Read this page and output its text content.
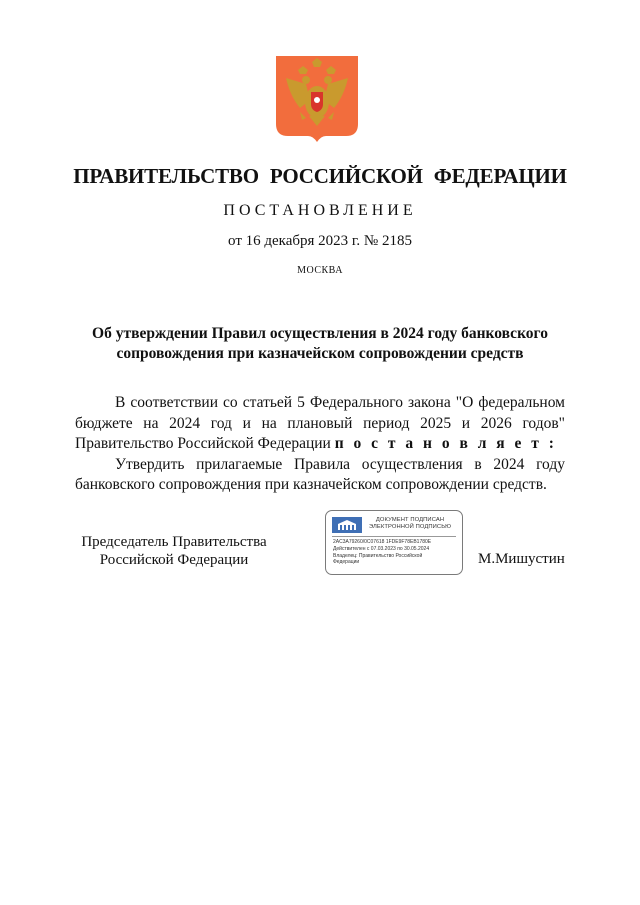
ПРАВИТЕЛЬСТВО РОССИЙСКОЙ ФЕДЕРАЦИИ
ПОСТАНОВЛЕНИЕ
от 16 декабря 2023 г. № 2185
МОСКВА
Об утверждении Правил осуществления в 2024 году банковского
сопровождения при казначейском сопровождении средств

В соответствии со статьей 5 Федерального закона "О федеральном бюджете на 2024 год и на плановый период 2025 и 2026 годов" Правительство Российской Федерации п о с т а н о в л я е т :

Утвердить прилагаемые Правила осуществления в 2024 году банковского сопровождения при казначейском сопровождении средств.

Председатель Правительства
Российской Федерации
ДОКУМЕНТ ПОДПИСАН
ЭЛЕКТРОННОЙ ПОДПИСЬЮ
2AC3A79260/0C07618 1FDE9F78EB1780E
Действителен с 07.03.2023 по 30.05.2024
Владелец: Правительство Российской
Федерации	М.Мишустин
